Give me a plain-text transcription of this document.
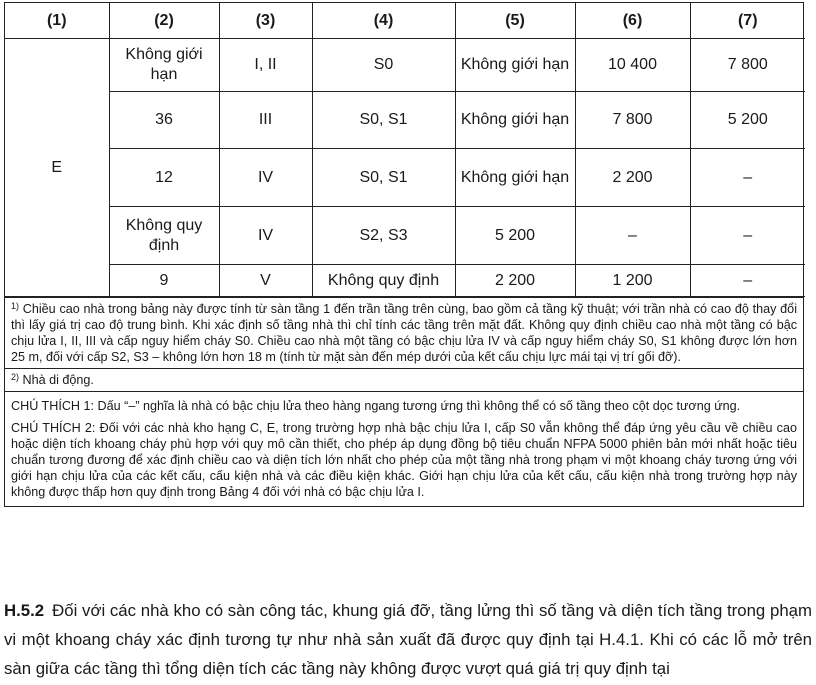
(1)	(2)	(3)	(4)	(5)	(6)	(7)
E	Không giới hạn	I, II	S0	Không giới hạn	10 400	7 800
	36	III	S0, S1	Không giới hạn	7 800	5 200
	12	IV	S0, S1	Không giới hạn	2 200	–
	Không quy định	IV	S2, S3	5 200	–	–
	9	V	Không quy định	2 200	1 200	–
$^{1)}$ Chiều cao nhà trong bảng này được tính từ sàn tầng 1 đến trần tầng trên cùng, bao gồm cả tầng kỹ thuật; với trần nhà có cao độ thay đổi thì lấy giá trị cao độ trung bình. Khi xác định số tầng nhà thì chỉ tính các tầng trên mặt đất. Không quy định chiều cao nhà một tầng có bậc chịu lửa I, II, III và cấp nguy hiểm cháy S0. Chiều cao nhà một tầng có bậc chịu lửa IV và cấp nguy hiểm cháy S0, S1 không được lớn hơn 25 m, đối với cấp S2, S3 – không lớn hơn 18 m (tính từ mặt sàn đến mép dưới của kết cấu chịu lực mái tại vị trí gối đỡ).
$^{2)}$ Nhà di động.
CHÚ THÍCH 1: Dấu “–” nghĩa là nhà có bậc chịu lửa theo hàng ngang tương ứng thì không thể có số tầng theo cột dọc tương ứng.
CHÚ THÍCH 2: Đối với các nhà kho hạng C, E, trong trường hợp nhà bậc chịu lửa I, cấp S0 vẫn không thể đáp ứng yêu cầu về chiều cao hoặc diện tích khoang cháy phù hợp với quy mô cần thiết, cho phép áp dụng đồng bộ tiêu chuẩn NFPA 5000 phiên bản mới nhất hoặc tiêu chuẩn tương đương để xác định chiều cao và diện tích lớn nhất cho phép của một tầng nhà trong phạm vi một khoang cháy tương ứng với giới hạn chịu lửa của các kết cấu, cấu kiện nhà và các điều kiện khác. Giới hạn chịu lửa của kết cấu, cấu kiện nhà trong trường hợp này không được thấp hơn quy định trong Bảng 4 đối với nhà có bậc chịu lửa I.
H.5.2 Đối với các nhà kho có sàn công tác, khung giá đỡ, tầng lửng thì số tầng và diện tích tầng trong phạm vi một khoang cháy xác định tương tự như nhà sản xuất đã được quy định tại H.4.1. Khi có các lỗ mở trên sàn giữa các tầng thì tổng diện tích các tầng này không được vượt quá giá trị quy định tại
